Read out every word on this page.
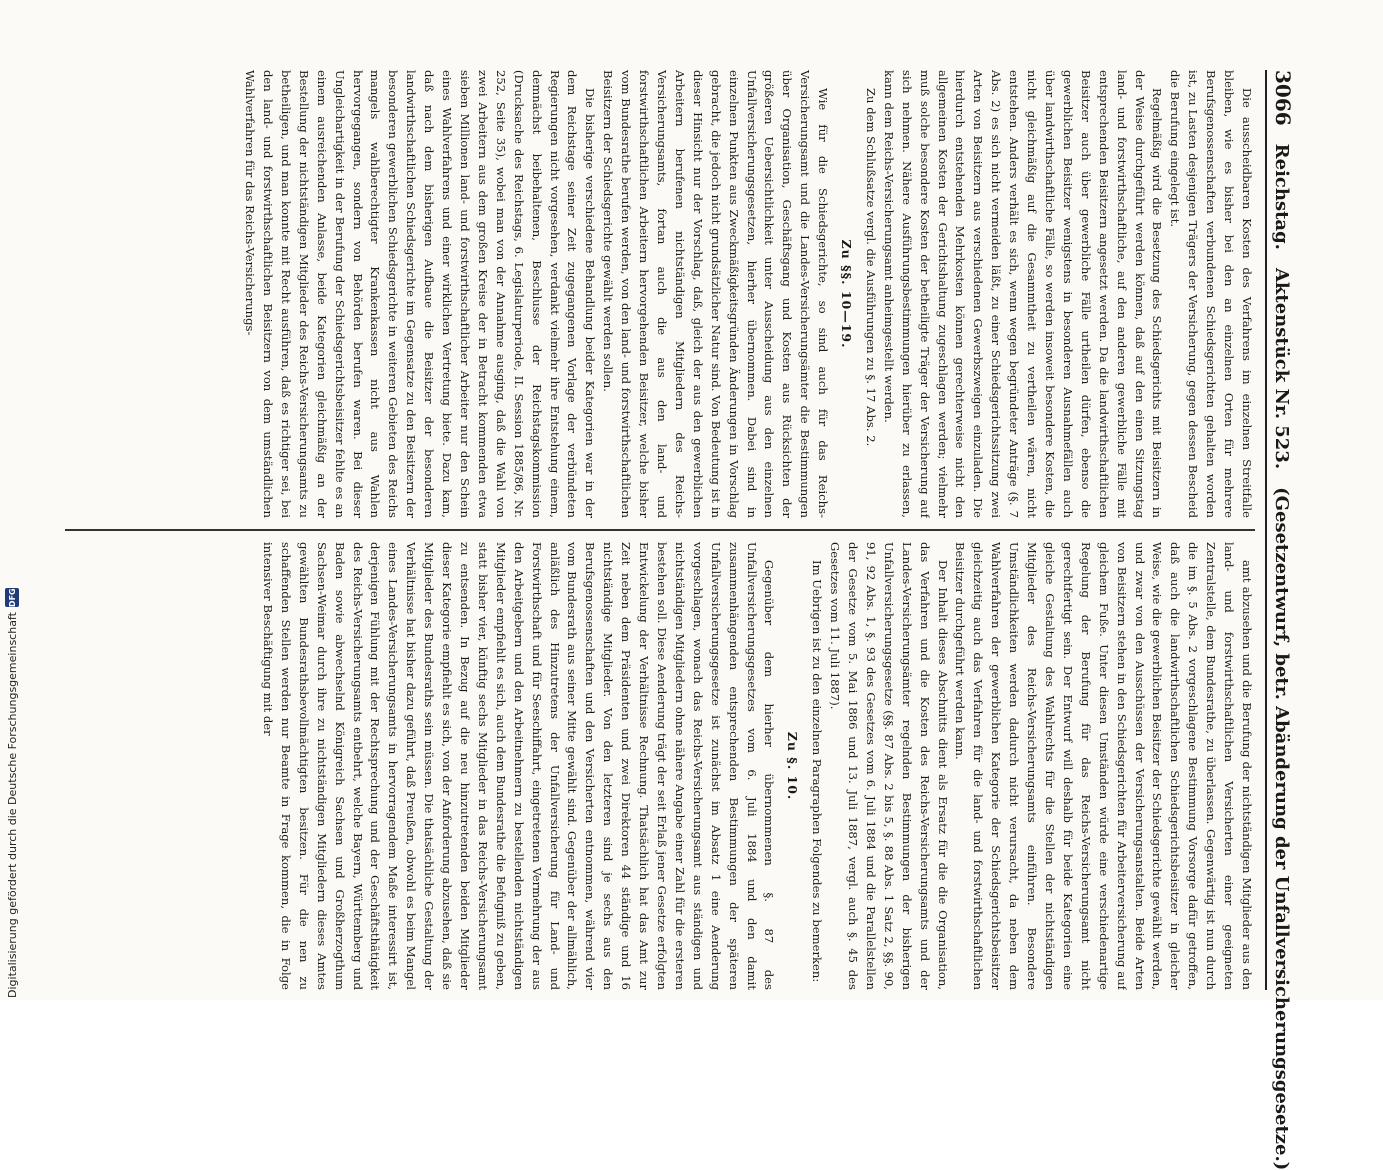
3066
Reichstag.
Aktenstück Nr. 523.
(Gesetzentwurf, betr. Abänderung der Unfallversicherungsgesetze.)

Die ausscheidbaren Kosten des Verfahrens im einzelnen Streitfalle bleiben, wie es bisher bei den an einzelnen Orten für mehrere Berufsgenossenschaften verbundenen Schiedsgerichten gehalten worden ist, zu Lasten desjenigen Trägers der Versicherung, gegen dessen Bescheid die Berufung eingelegt ist.

Regelmäßig wird die Besetzung des Schiedsgerichts mit Beisitzern in der Weise durchgeführt werden können, daß auf den einen Sitzungstag land- und forstwirthschaftliche, auf den anderen gewerbliche Fälle mit entsprechenden Beisitzern angesetzt werden. Da die landwirthschaftlichen Beisitzer auch über gewerbliche Fälle urtheilen dürfen, ebenso die gewerblichen Beisitzer wenigstens in besonderen Ausnahmefällen auch über landwirthschaftliche Fälle, so werden insoweit besondere Kosten, die nicht gleichmäßig auf die Gesammtheit zu vertheilen wären, nicht entstehen. Anders verhält es sich, wenn wegen begründeter Anträge (§. 7 Abs. 2) es sich nicht vermeiden läßt, zu einer Schiedsgerichtssitzung zwei Arten von Beisitzern aus verschiedenen Gewerbszweigen einzuladen. Die hierdurch entstehenden Mehrkosten können gerechterweise nicht den allgemeinen Kosten der Gerichtshaltung zugeschlagen werden; vielmehr muß solche besondere Kosten der betheiligte Träger der Versicherung auf sich nehmen. Nähere Ausführungsbestimmungen hierüber zu erlassen, kann dem Reichs-Versicherungsamt anheimgestellt werden.

Zu dem Schlußsatze vergl. die Ausführungen zu §. 17 Abs. 2.

Zu §§. 10—19.

Wie für die Schiedsgerichte, so sind auch für das Reichs-Versicherungsamt und die Landes-Versicherungsämter die Bestimmungen über Organisation, Geschäftsgang und Kosten aus Rücksichten der größeren Uebersichtlichkeit unter Ausscheidung aus den einzelnen Unfallversicherungsgesetzen, hierher übernommen. Dabei sind in einzelnen Punkten aus Zweckmäßigkeitsgründen Änderungen in Vorschlag gebracht, die jedoch nicht grundsätzlicher Natur sind. Von Bedeutung ist in dieser Hinsicht nur der Vorschlag, daß, gleich der aus den gewerblichen Arbeitern berufenen nichtständigen Mitgliedern des Reichs-Versicherungsamts, fortan auch die aus den land- und forstwirthschaftlichen Arbeitern hervorgehenden Beisitzer, welche bisher vom Bundesrathe berufen werden, von den land- und forstwirthschaftlichen Beisitzern der Schiedsgerichte gewählt werden sollen.

Die bisherige verschiedene Behandlung beider Kategorien war in der dem Reichstage seiner Zeit zugegangenen Vorlage der verbündeten Regierungen nicht vorgesehen, verdankt vielmehr ihre Entstehung einem, demnächst beibehaltenen, Beschlusse der Reichstagskommission (Drucksache des Reichstags, 6. Legislaturperiode, II. Session 1885/86, Nr. 252, Seite 35), wobei man von der Annahme ausging, daß die Wahl von zwei Arbeitern aus dem großen Kreise der in Betracht kommenden etwa sieben Millionen land- und forstwirthschaftlicher Arbeiter nur den Schein eines Wahlverfahrens und einer wirklichen Vertretung biete. Dazu kam, daß nach dem bisherigen Aufbaue die Beisitzer der besonderen landwirthschaftlichen Schiedsgerichte im Gegensatze zu den Beisitzern der besonderen gewerblichen Schiedsgerichte in weiteren Gebieten des Reichs mangels wahlberechtigter Krankenkassen nicht aus Wahlen hervorgegangen, sondern von Behörden berufen waren. Bei dieser Ungleichartigkeit in der Berufung der Schiedsgerichtsbeisitzer fehlte es an einem ausreichenden Anlasse, beide Kategorien gleichmäßig an der Bestellung der nichtständigen Mitglieder des Reichs-Versicherungsamts zu betheiligen, und man konnte mit Recht ausführen, daß es richtiger sei, bei den land- und forstwirthschaftlichen Beisitzern von dem umständlichen Wahlverfahren für das Reichs-Versicherungs-

amt abzusehen und die Berufung der nichtständigen Mitglieder aus den land- und forstwirthschaftlichen Versicherten einer geeigneten Zentralstelle, dem Bundesrathe, zu überlassen. Gegenwärtig ist nun durch die im §. 5 Abs. 2 vorgeschlagene Bestimmung Vorsorge dafür getroffen, daß auch die landwirthschaftlichen Schiedsgerichtsbeisitzer in gleicher Weise, wie die gewerblichen Beisitzer der Schiedsgerichte gewählt werden, und zwar von den Ausschüssen der Versicherungsanstalten. Beide Arten von Beisitzern stehen in den Schiedsgerichten für Arbeiterversicherung auf gleichem Fuße. Unter diesen Umständen würde eine verschiedenartige Regelung der Berufung für das Reichs-Versicherungsamt nicht gerechtfertigt sein. Der Entwurf will deshalb für beide Kategorien eine gleiche Gestaltung des Wahlrechts für die Stellen der nichtständigen Mitglieder des Reichs-Versicherungsamts einführen. Besondere Umständlichkeiten werden dadurch nicht verursacht, da neben dem Wahlverfahren der gewerblichen Kategorie der Schiedsgerichtsbeisitzer gleichzeitig auch das Verfahren für die land- und forstwirthschaftlichen Beisitzer durchgeführt werden kann.

Der Inhalt dieses Abschnitts dient als Ersatz für die die Organisation, das Verfahren und die Kosten des Reichs-Versicherungsamts und der Landes-Versicherungsämter regelnden Bestimmungen der bisherigen Unfallversicherungsgesetze (§§. 87 Abs. 2 bis 5, §. 88 Abs. 1 Satz 2, §§. 90, 91, 92 Abs. 1, §. 93 des Gesetzes vom 6. Juli 1884 und die Parallelstellen der Gesetze vom 5. Mai 1886 und 13. Juli 1887, vergl. auch §. 45 des Gesetzes vom 11. Juli 1887).

Im Uebrigen ist zu den einzelnen Paragraphen Folgendes zu bemerken:

Zu §. 10.

Gegenüber dem hierher übernommenen §. 87 des Unfallversicherungsgesetzes vom 6. Juli 1884 und den damit zusammenhängenden entsprechenden Bestimmungen der späteren Unfallversicherungsgesetze ist zunächst im Absatz 1 eine Aenderung vorgeschlagen, wonach das Reichs-Versicherungsamt aus ständigen und nichtständigen Mitgliedern ohne nähere Angabe einer Zahl für die ersteren bestehen soll. Diese Aenderung trägt der seit Erlaß jener Gesetze erfolgten Entwickelung der Verhältnisse Rechnung. Thatsächlich hat das Amt zur Zeit neben dem Präsidenten und zwei Direktoren 44 ständige und 16 nichtständige Mitglieder. Von den letzteren sind je sechs aus den Berufsgenossenschaften und den Versicherten entnommen, während vier vom Bundesrath aus seiner Mitte gewählt sind. Gegenüber der allmählich, anläßlich des Hinzutretens der Unfallversicherung für Land- und Forstwirthschaft und für Seeschiffahrt, eingetretenen Vermehrung der aus den Arbeitgebern und den Arbeitnehmern zu bestellenden nichtständigen Mitglieder empfiehlt es sich, auch dem Bundesrathe die Befugniß zu geben, statt bisher vier, künftig sechs Mitglieder in das Reichs-Versicherungsamt zu entsenden. In Bezug auf die neu hinzutretenden beiden Mitglieder dieser Kategorie empfiehlt es sich, von der Anforderung abzusehen, daß sie Mitglieder des Bundesraths sein müssen. Die thatsächliche Gestaltung der Verhältnisse hat bisher dazu geführt, daß Preußen, obwohl es beim Mangel eines Landes-Versicherungsamts in hervorragendem Maße interessirt ist, derjenigen Fühlung mit der Rechtsprechung und der Geschäftsthätigkeit des Reichs-Versicherungsamts entbehrt, welche Bayern, Württemberg und Baden sowie abwechselnd Königreich Sachsen und Großherzogthum Sachsen-Weimar durch ihre zu nichtständigen Mitgliedern dieses Amtes gewählten Bundesrathsbevollmächtigten besitzen. Für die nen zu schaffenden Stellen werden nur Beamte in Frage kommen, die in Folge intensiver Beschäftigung mit der

Digitalisierung gefördert durch die Deutsche Forschungsgemeinschaft
DFG
